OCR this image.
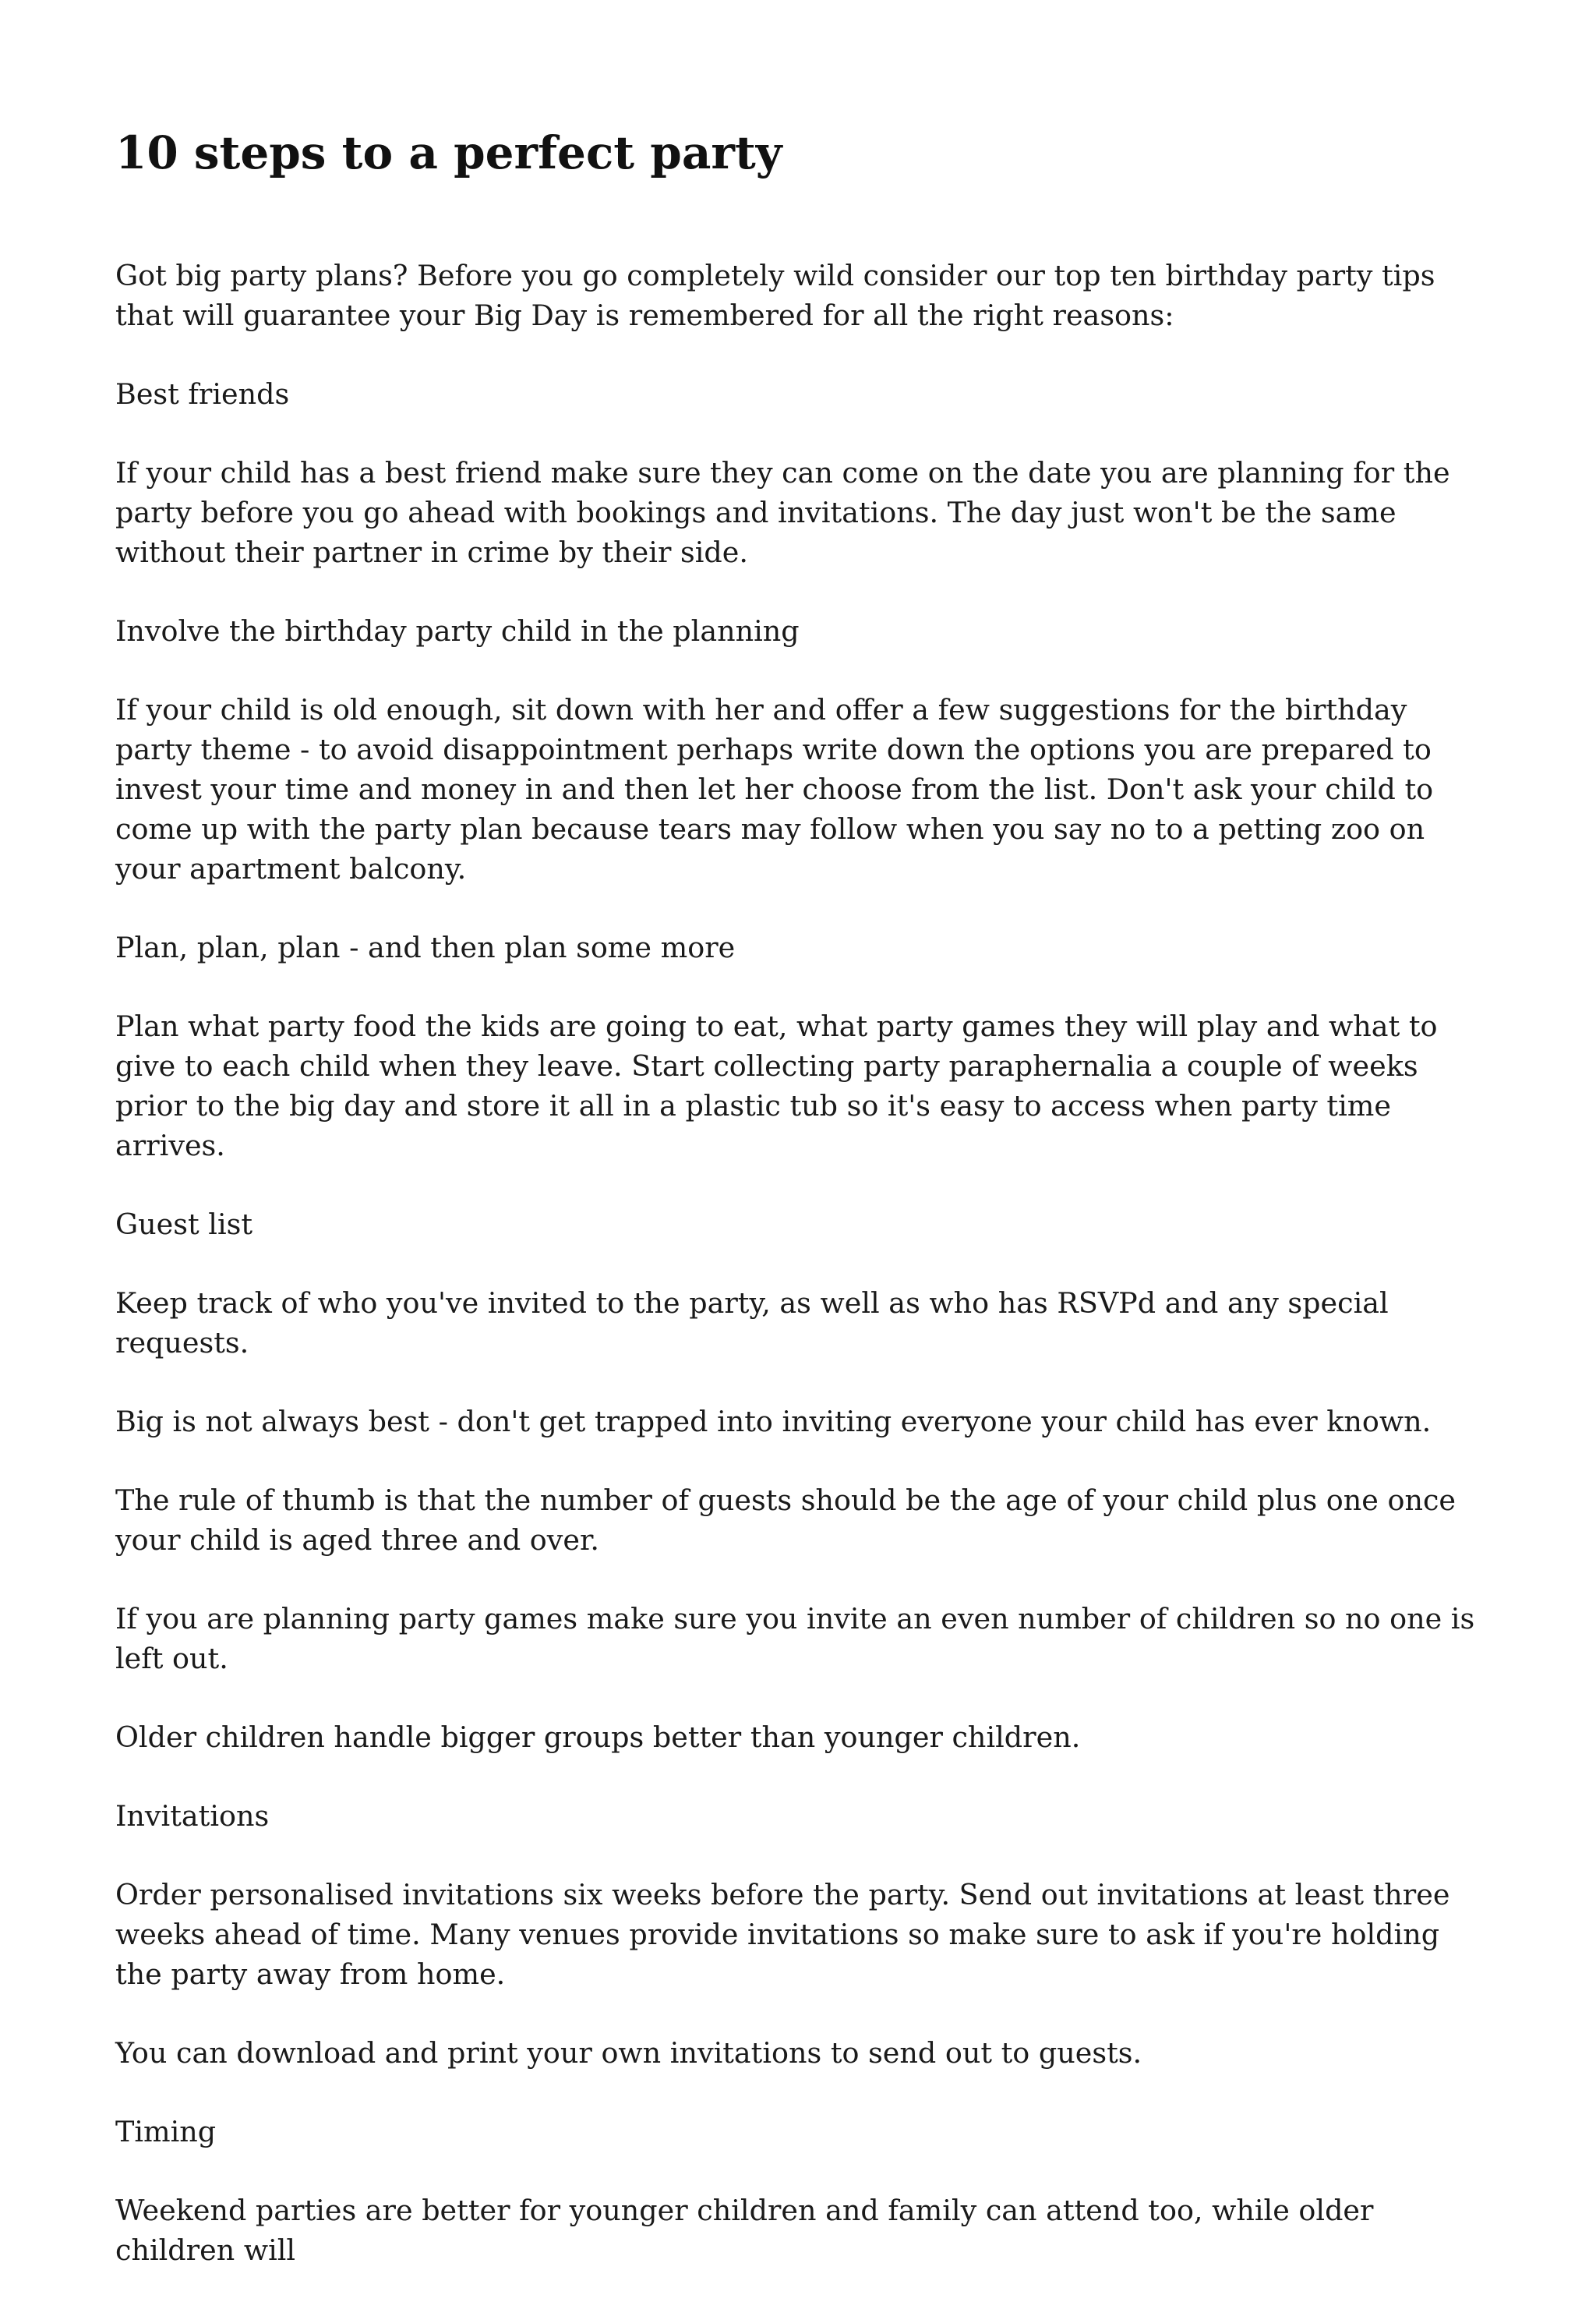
10 steps to a perfect party

Got big party plans? Before you go completely wild consider our top ten birthday party tips that will guarantee your Big Day is remembered for all the right reasons:

Best friends

If your child has a best friend make sure they can come on the date you are planning for the party before you go ahead with bookings and invitations. The day just won't be the same without their partner in crime by their side.

Involve the birthday party child in the planning

If your child is old enough, sit down with her and offer a few suggestions for the birthday party theme - to avoid disappointment perhaps write down the options you are prepared to invest your time and money in and then let her choose from the list. Don't ask your child to come up with the party plan because tears may follow when you say no to a petting zoo on your apartment balcony.

Plan, plan, plan - and then plan some more

Plan what party food the kids are going to eat, what party games they will play and what to give to each child when they leave. Start collecting party paraphernalia a couple of weeks prior to the big day and store it all in a plastic tub so it's easy to access when party time arrives.

Guest list

Keep track of who you've invited to the party, as well as who has RSVPd and any special requests.

Big is not always best - don't get trapped into inviting everyone your child has ever known.

The rule of thumb is that the number of guests should be the age of your child plus one once your child is aged three and over.

If you are planning party games make sure you invite an even number of children so no one is left out.

Older children handle bigger groups better than younger children.

Invitations

Order personalised invitations six weeks before the party. Send out invitations at least three weeks ahead of time. Many venues provide invitations so make sure to ask if you're holding the party away from home.

You can download and print your own invitations to send out to guests.

Timing

Weekend parties are better for younger children and family can attend too, while older children will
